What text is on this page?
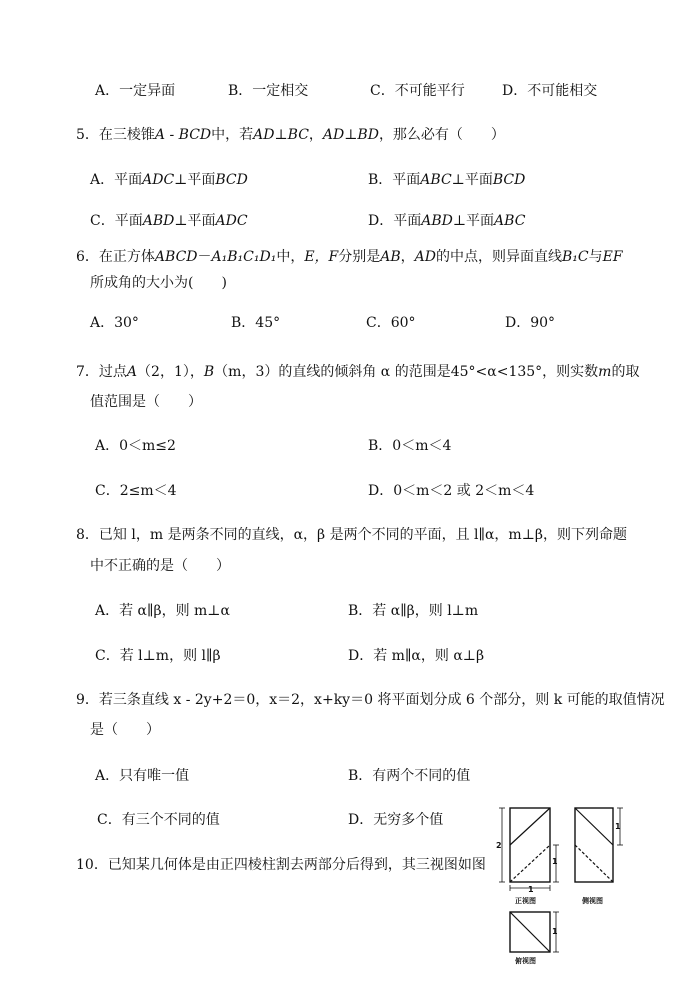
A．一定异面	B．一定相交	C．不可能平行	D．不可能相交
5．在三棱锥A - BCD中，若AD⊥BC，AD⊥BD，那么必有（　　）
A．平面ADC⊥平面BCD	B．平面ABC⊥平面BCD
C．平面ABD⊥平面ADC	D．平面ABD⊥平面ABC
6．在正方体ABCD－A₁B₁C₁D₁中，E，F分别是AB，AD的中点，则异面直线B₁C与EF
所成角的大小为(　　)
A．30°	B．45°	C．60°	D．90°
7．过点A（2，1），B（m，3）的直线的倾斜角 α 的范围是45°<α<135°，则实数m的取
值范围是（　　）
A．0＜m≤2	B．0＜m＜4
C．2≤m＜4	D．0＜m＜2 或 2＜m＜4
8．已知 l，m 是两条不同的直线，α，β 是两个不同的平面，且 l∥α，m⊥β，则下列命题
中不正确的是（　　）
A．若 α∥β，则 m⊥α	B．若 α∥β，则 l⊥m
C．若 l⊥m，则 l∥β	D．若 m∥α，则 α⊥β
9．若三条直线 x - 2y+2＝0，x＝2，x+ky＝0 将平面划分成 6 个部分，则 k 可能的取值情况
是（　　）
A．只有唯一值	B．有两个不同的值
C．有三个不同的值	D．无穷多个值
10．已知某几何体是由正四棱柱割去两部分后得到，其三视图如图
2
1
1
1
1
正视图	侧视图
俯视图
